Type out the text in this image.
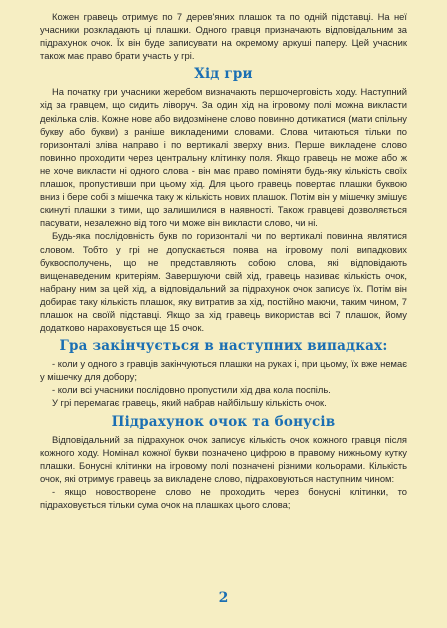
Кожен гравець отримує по 7 дерев'яних плашок та по одній підставці. На неї учасники розкладають ці плашки. Одного гравця призначають відповідальним за підрахунок очок. Їх він буде записувати на окремому аркуші паперу. Цей учасник також має право брати участь у грі.

Хід гри

На початку гри учасники жеребом визначають першочерговість ходу. Наступний хід за гравцем, що сидить ліворуч. За один хід на ігровому полі можна викласти декілька слів. Кожне нове або видозмінене слово повинно дотикатися (мати спільну букву або букви) з раніше викладеними словами. Слова читаються тільки по горизонталі зліва направо і по вертикалі зверху вниз. Перше викладене слово повинно проходити через центральну клітинку поля. Якщо гравець не може або ж не хоче викласти ні одного слова - він має право поміняти будь-яку кількість своїх плашок, пропустивши при цьому хід. Для цього гравець повертає плашки буквою вниз і бере собі з мішечка таку ж кількість нових плашок. Потім він у мішечку змішує скинуті плашки з тими, що залишилися в наявності. Також гравцеві дозволяється пасувати, незалежно від того чи може він викласти слово, чи ні.

Будь-яка послідовність букв по горизонталі чи по вертикалі повинна являтися словом. Тобто у грі не допускається поява на ігровому полі випадкових буквосполучень, що не представляють собою слова, які відповідають вищенаведеним критеріям. Завершуючи свій хід, гравець називає кількість очок, набрану ним за цей хід, а відповідальний за підрахунок очок записує їх. Потім він добирає таку кількість плашок, яку витратив за хід, постійно маючи, таким чином, 7 плашок на своїй підставці. Якщо за хід гравець використав всі 7 плашок, йому додатково нараховується ще 15 очок.

Гра закінчується в наступних випадках:

- коли у одного з гравців закінчуються плашки на руках і, при цьому, їх вже немає у мішечку для добору;

- коли всі учасники послідовно пропустили хід два кола поспіль.

У грі перемагає гравець, який набрав найбільшу кількість очок.

Підрахунок очок та бонусів

Відповідальний за підрахунок очок записує кількість очок кожного гравця після кожного ходу. Номінал кожної букви позначено цифрою в правому нижньому кутку плашки. Бонусні клітинки на ігровому полі позначені різними кольорами. Кількість очок, які отримує гравець за викладене слово, підраховуються наступним чином:

- якщо новостворене слово не проходить через бонусні клітинки, то підраховується тільки сума очок на плашках цього слова;

2
